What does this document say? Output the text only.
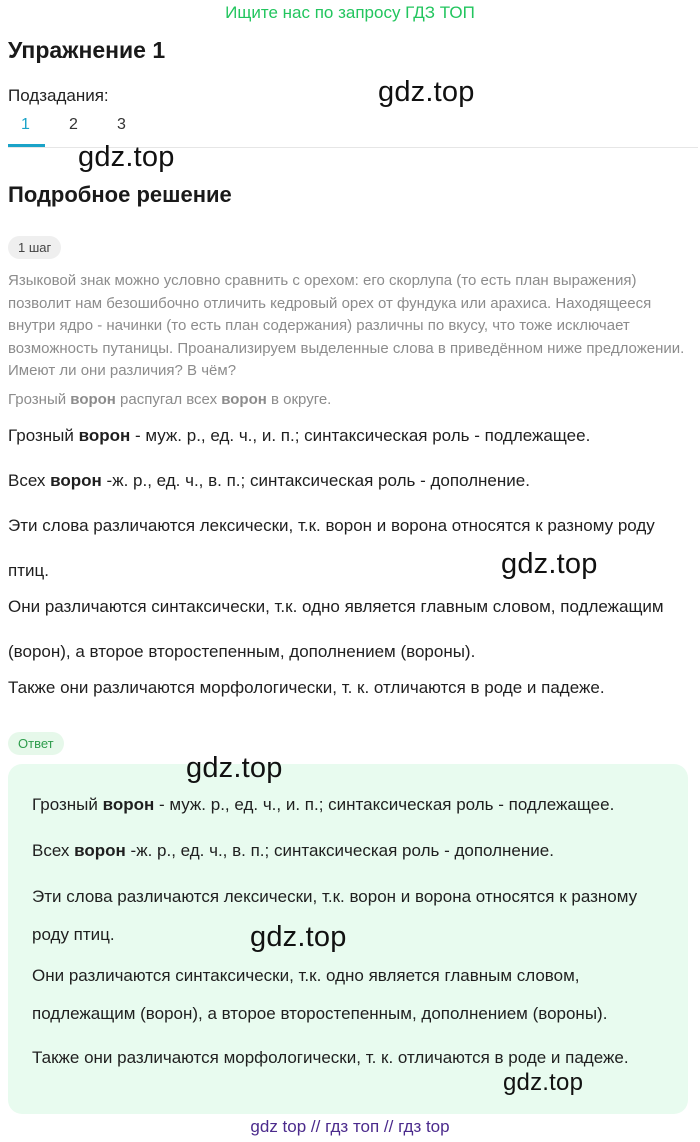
Ищите нас по запросу ГДЗ ТОП
Упражнение 1
Подзадания:
1 2 3
Подробное решение
1 шаг
Языковой знак можно условно сравнить с орехом: его скорлупа (то есть план выражения) позволит нам безошибочно отличить кедровый орех от фундука или арахиса. Находящееся внутри ядро - начинки (то есть план содержания) различны по вкусу, что тоже исключает возможность путаницы. Проанализируем выделенные слова в приведённом ниже предложении. Имеют ли они различия? В чём?
Грозный ворон распугал всех ворон в округе.
Грозный ворон - муж. р., ед. ч., и. п.; синтаксическая роль - подлежащее.
Всех ворон -ж. р., ед. ч., в. п.; синтаксическая роль - дополнение.
Эти слова различаются лексически, т.к. ворон и ворона относятся к разному роду птиц.
Они различаются синтаксически, т.к. одно является главным словом, подлежащим (ворон), а второе второстепенным, дополнением (вороны).
Также они различаются морфологически, т. к. отличаются в роде и падеже.
Ответ
Грозный ворон - муж. р., ед. ч., и. п.; синтаксическая роль - подлежащее.
Всех ворон -ж. р., ед. ч., в. п.; синтаксическая роль - дополнение.
Эти слова различаются лексически, т.к. ворон и ворона относятся к разному роду птиц.
Они различаются синтаксически, т.к. одно является главным словом, подлежащим (ворон), а второе второстепенным, дополнением (вороны).
Также они различаются морфологически, т. к. отличаются в роде и падеже.
gdz.top
gdz.top
gdz.top
gdz.top
gdz.top
gdz.top
gdz top // гдз топ // гдз top
